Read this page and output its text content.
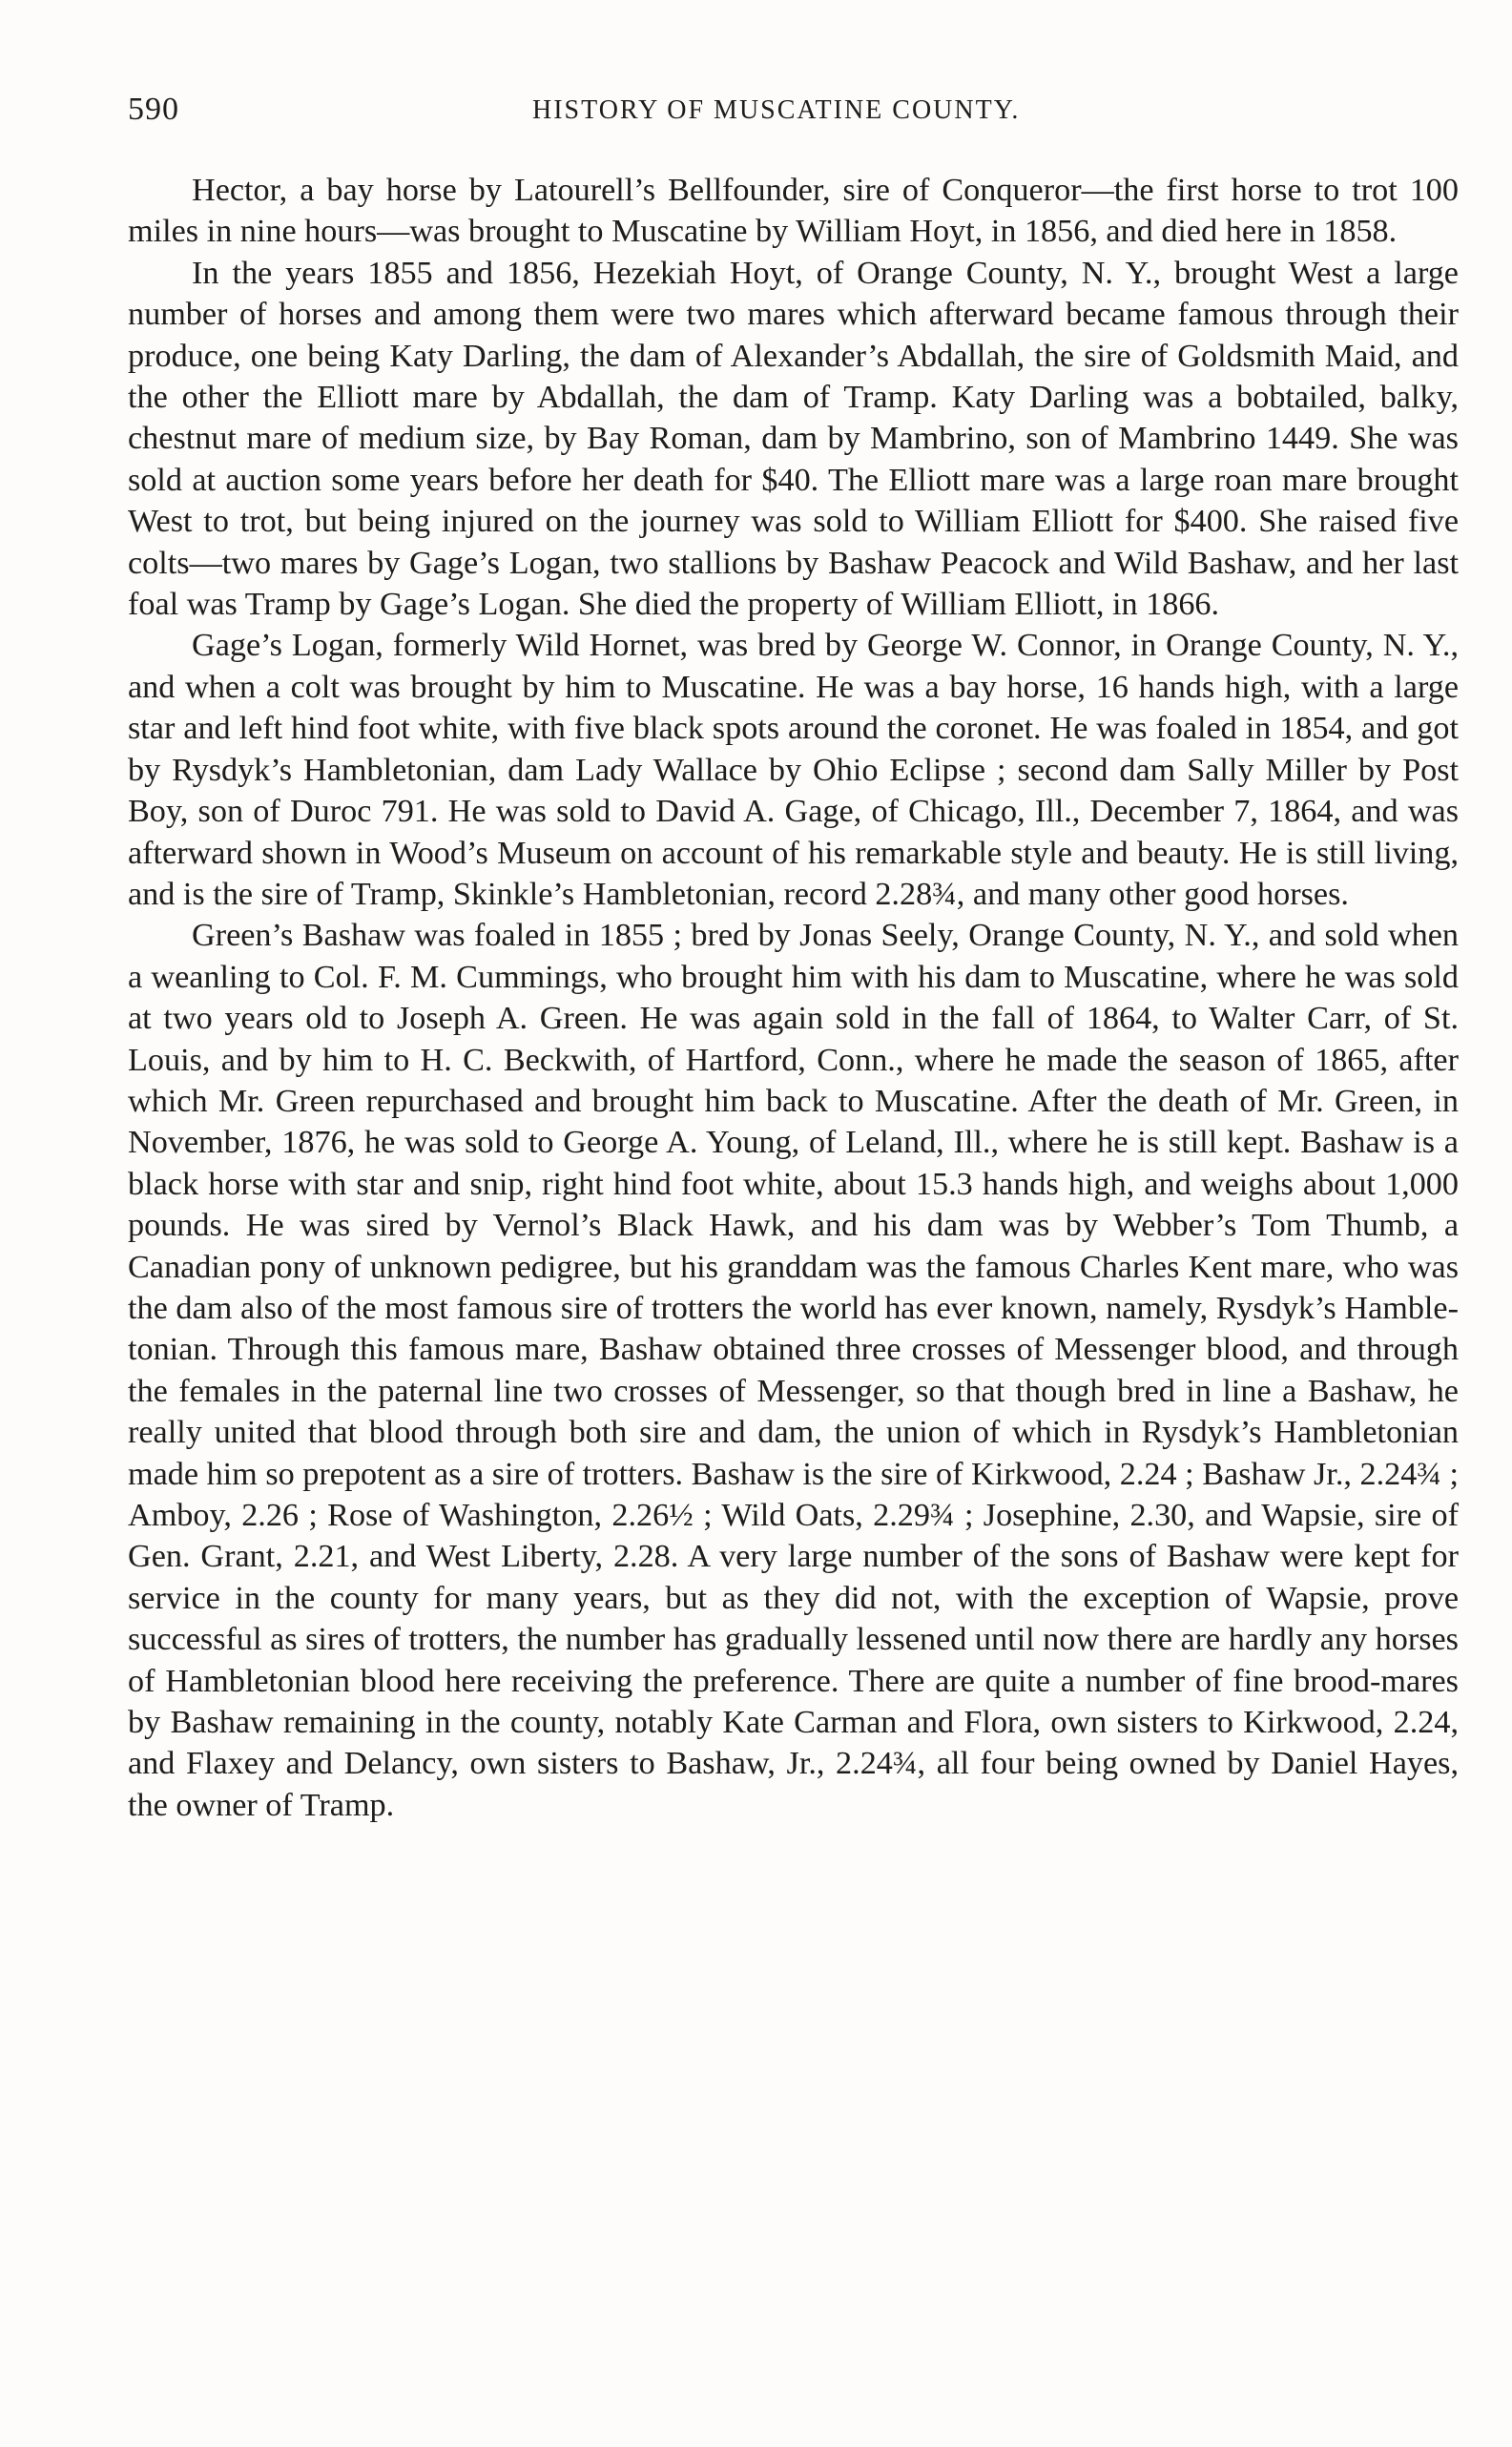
590	HISTORY OF MUSCATINE COUNTY.

Hector, a bay horse by Latourell’s Bellfounder, sire of Conqueror—the first horse to trot 100 miles in nine hours—was brought to Muscatine by William Hoyt, in 1856, and died here in 1858.

In the years 1855 and 1856, Hezekiah Hoyt, of Orange County, N. Y., brought West a large number of horses and among them were two mares which afterward became famous through their produce, one being Katy Darling, the dam of Alexander’s Abdallah, the sire of Goldsmith Maid, and the other the Elliott mare by Abdallah, the dam of Tramp. Katy Darling was a bobtailed, balky, chestnut mare of medium size, by Bay Roman, dam by Mambrino, son of Mambrino 1449. She was sold at auction some years before her death for $40. The Elliott mare was a large roan mare brought West to trot, but being injured on the journey was sold to William Elliott for $400. She raised five colts—two mares by Gage’s Logan, two stallions by Bashaw Peacock and Wild Bashaw, and her last foal was Tramp by Gage’s Logan. She died the property of William Elliott, in 1866.

Gage’s Logan, formerly Wild Hornet, was bred by George W. Connor, in Orange County, N. Y., and when a colt was brought by him to Muscatine. He was a bay horse, 16 hands high, with a large star and left hind foot white, with five black spots around the coronet. He was foaled in 1854, and got by Rysdyk’s Hambletonian, dam Lady Wallace by Ohio Eclipse ; second dam Sally Miller by Post Boy, son of Duroc 791. He was sold to David A. Gage, of Chicago, Ill., December 7, 1864, and was afterward shown in Wood’s Museum on account of his remarkable style and beauty. He is still living, and is the sire of Tramp, Skinkle’s Hambletonian, record 2.28¾, and many other good horses.

Green’s Bashaw was foaled in 1855 ; bred by Jonas Seely, Orange County, N. Y., and sold when a weanling to Col. F. M. Cummings, who brought him with his dam to Muscatine, where he was sold at two years old to Joseph A. Green. He was again sold in the fall of 1864, to Walter Carr, of St. Louis, and by him to H. C. Beckwith, of Hartford, Conn., where he made the season of 1865, after which Mr. Green repurchased and brought him back to Muscatine. After the death of Mr. Green, in November, 1876, he was sold to George A. Young, of Leland, Ill., where he is still kept. Bashaw is a black horse with star and snip, right hind foot white, about 15.3 hands high, and weighs about 1,000 pounds. He was sired by Vernol’s Black Hawk, and his dam was by Webber’s Tom Thumb, a Canadian pony of unknown pedigree, but his granddam was the famous Charles Kent mare, who was the dam also of the most famous sire of trotters the world has ever known, namely, Rysdyk’s Hambletonian. Through this famous mare, Bashaw obtained three crosses of Messenger blood, and through the females in the paternal line two crosses of Messenger, so that though bred in line a Bashaw, he really united that blood through both sire and dam, the union of which in Rysdyk’s Hambletonian made him so prepotent as a sire of trotters. Bashaw is the sire of Kirkwood, 2.24 ; Bashaw Jr., 2.24¾ ; Amboy, 2.26 ; Rose of Washington, 2.26½ ; Wild Oats, 2.29¾ ; Josephine, 2.30, and Wapsie, sire of Gen. Grant, 2.21, and West Liberty, 2.28. A very large number of the sons of Bashaw were kept for service in the county for many years, but as they did not, with the exception of Wapsie, prove successful as sires of trotters, the number has gradually lessened until now there are hardly any horses of Hambletonian blood here receiving the preference. There are quite a number of fine brood-mares by Bashaw remaining in the county, notably Kate Carman and Flora, own sisters to Kirkwood, 2.24, and Flaxey and Delancy, own sisters to Bashaw, Jr., 2.24¾, all four being owned by Daniel Hayes, the owner of Tramp.
